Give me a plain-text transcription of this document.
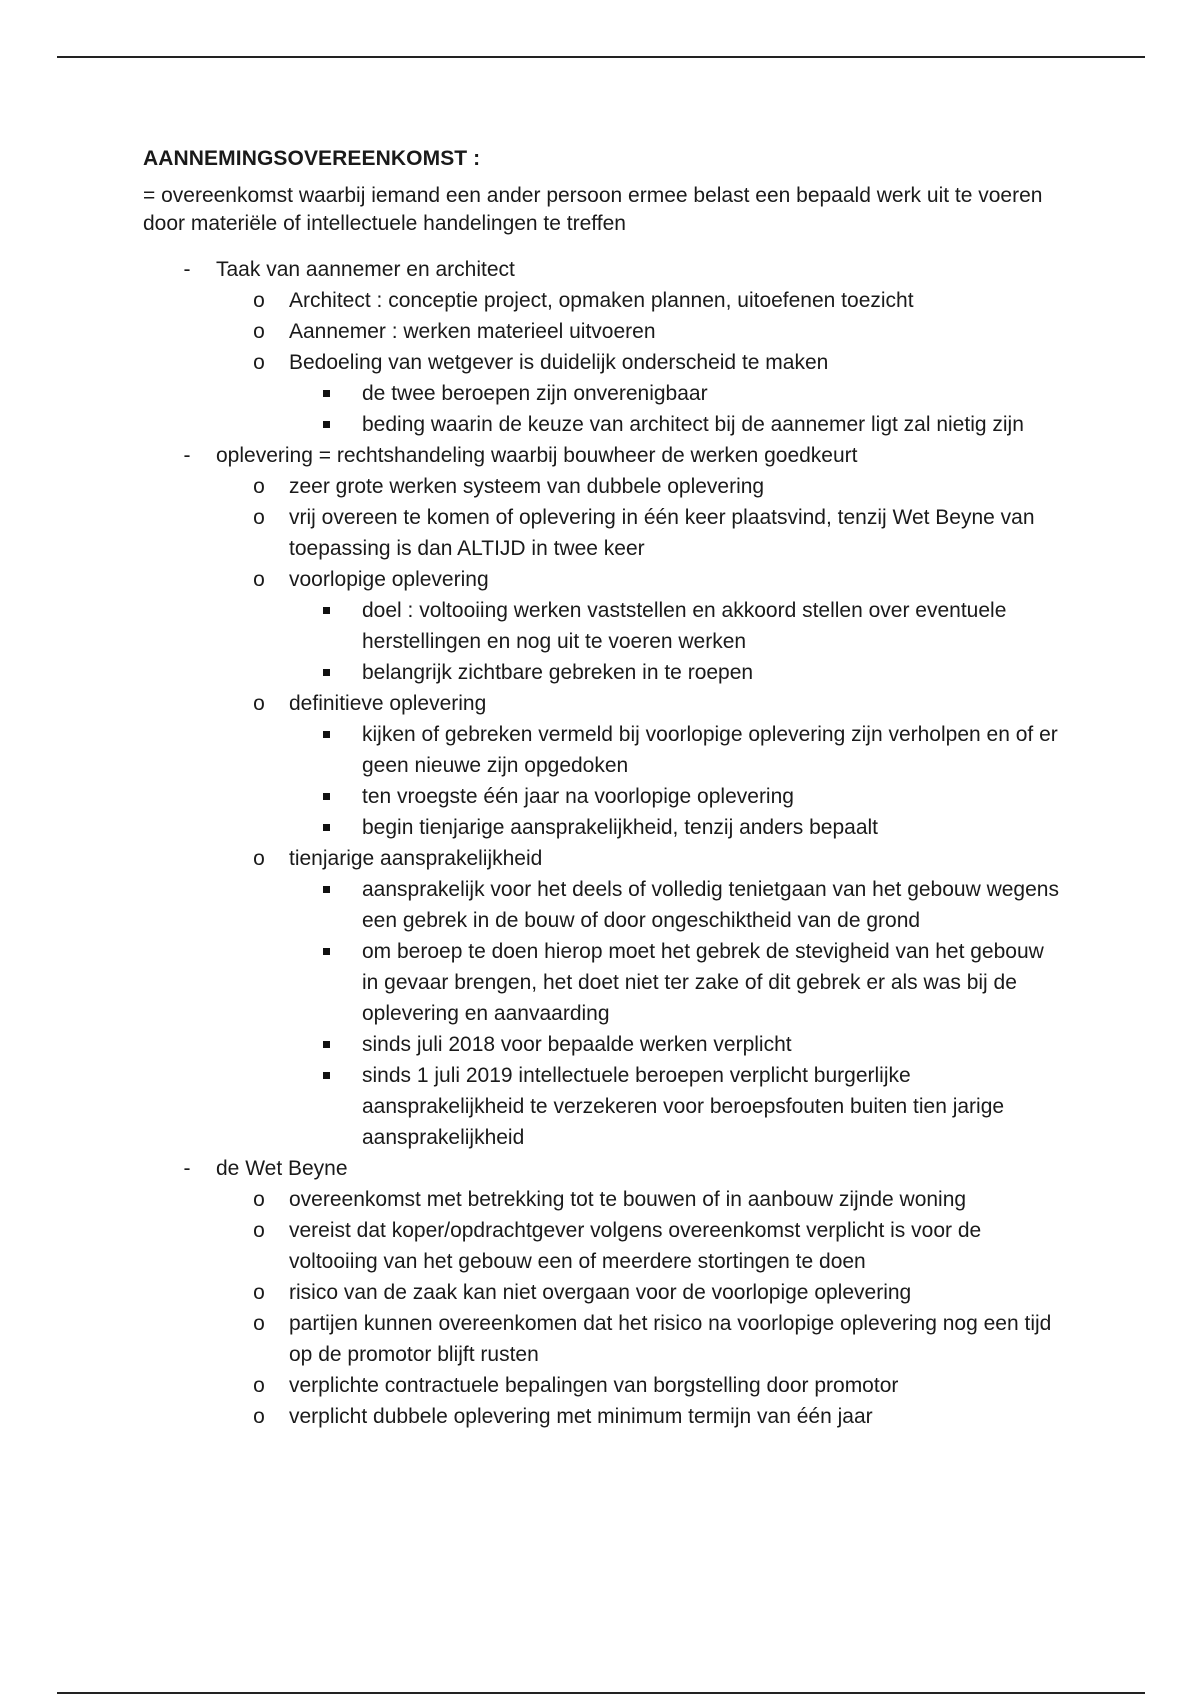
AANNEMINGSOVEREENKOMST :
= overeenkomst waarbij iemand een ander persoon ermee belast een bepaald werk uit te voeren door materiële of intellectuele handelingen te treffen
- Taak van aannemer en architect
o Architect : conceptie project, opmaken plannen, uitoefenen toezicht
o Aannemer : werken materieel uitvoeren
o Bedoeling van wetgever is duidelijk onderscheid te maken
de twee beroepen zijn onverenigbaar
beding waarin de keuze van architect bij de aannemer ligt zal nietig zijn
- oplevering = rechtshandeling waarbij bouwheer de werken goedkeurt
o zeer grote werken systeem van dubbele oplevering
o vrij overeen te komen of oplevering in één keer plaatsvind, tenzij Wet Beyne van toepassing is dan ALTIJD in twee keer
o voorlopige oplevering
doel : voltooiing werken vaststellen en akkoord stellen over eventuele herstellingen en nog uit te voeren werken
belangrijk zichtbare gebreken in te roepen
o definitieve oplevering
kijken of gebreken vermeld bij voorlopige oplevering zijn verholpen en of er geen nieuwe zijn opgedoken
ten vroegste één jaar na voorlopige oplevering
begin tienjarige aansprakelijkheid, tenzij anders bepaalt
o tienjarige aansprakelijkheid
aansprakelijk voor het deels of volledig tenietgaan van het gebouw wegens een gebrek in de bouw of door ongeschiktheid van de grond
om beroep te doen hierop moet het gebrek de stevigheid van het gebouw in gevaar brengen, het doet niet ter zake of dit gebrek er als was bij de oplevering en aanvaarding
sinds juli 2018 voor bepaalde werken verplicht
sinds 1 juli 2019 intellectuele beroepen verplicht burgerlijke aansprakelijkheid te verzekeren voor beroepsfouten buiten tien jarige aansprakelijkheid
- de Wet Beyne
o overeenkomst met betrekking tot te bouwen of in aanbouw zijnde woning
o vereist dat koper/opdrachtgever volgens overeenkomst verplicht is voor de voltooiing van het gebouw een of meerdere stortingen te doen
o risico van de zaak kan niet overgaan voor de voorlopige oplevering
o partijen kunnen overeenkomen dat het risico na voorlopige oplevering nog een tijd op de promotor blijft rusten
o verplichte contractuele bepalingen van borgstelling door promotor
o verplicht dubbele oplevering met minimum termijn van één jaar
